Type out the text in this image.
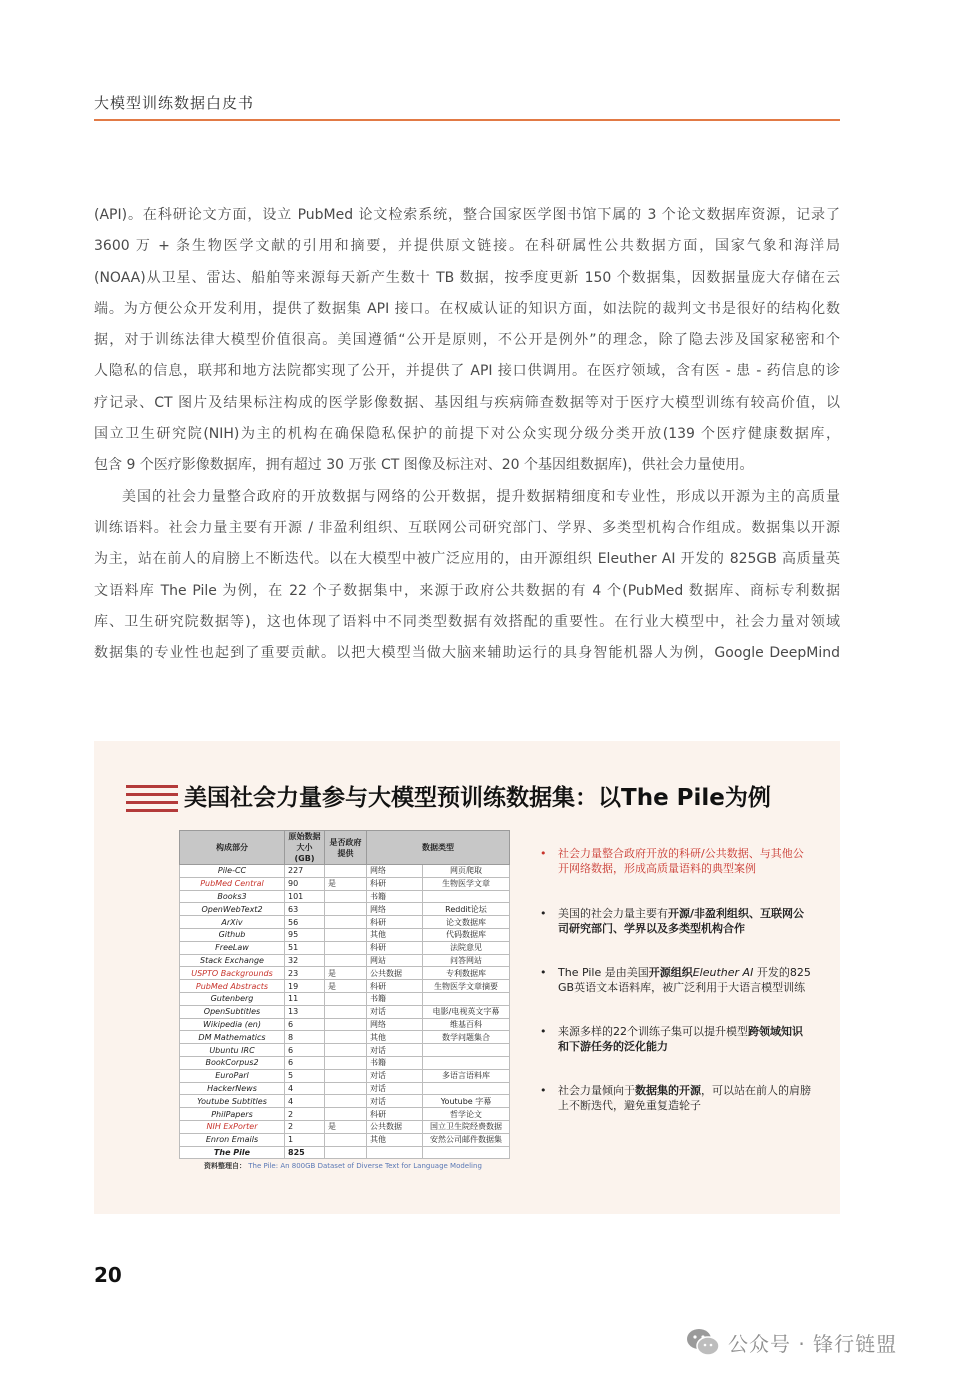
大模型训练数据白皮书
(API)。在科研论文方面，设立 PubMed 论文检索系统，整合国家医学图书馆下属的 3 个论文数据库资源，记录了
3600 万 + 条生物医学文献的引用和摘要，并提供原文链接。在科研属性公共数据方面，国家气象和海洋局
(NOAA)从卫星、雷达、船舶等来源每天新产生数十 TB 数据，按季度更新 150 个数据集，因数据量庞大存储在云
端。为方便公众开发利用，提供了数据集 API 接口。在权威认证的知识方面，如法院的裁判文书是很好的结构化数
据，对于训练法律大模型价值很高。美国遵循“公开是原则，不公开是例外”的理念，除了隐去涉及国家秘密和个
人隐私的信息，联邦和地方法院都实现了公开，并提供了 API 接口供调用。在医疗领域，含有医 - 患 - 药信息的诊
疗记录、CT 图片及结果标注构成的医学影像数据、基因组与疾病筛查数据等对于医疗大模型训练有较高价值，以
国立卫生研究院(NIH)为主的机构在确保隐私保护的前提下对公众实现分级分类开放(139 个医疗健康数据库，
包含 9 个医疗影像数据库，拥有超过 30 万张 CT 图像及标注对、20 个基因组数据库)，供社会力量使用。
美国的社会力量整合政府的开放数据与网络的公开数据，提升数据精细度和专业性，形成以开源为主的高质量
训练语料。社会力量主要有开源 / 非盈利组织、互联网公司研究部门、学界、多类型机构合作组成。数据集以开源
为主，站在前人的肩膀上不断迭代。以在大模型中被广泛应用的，由开源组织 Eleuther AI 开发的 825GB 高质量英
文语料库 The Pile 为例，在 22 个子数据集中，来源于政府公共数据的有 4 个(PubMed 数据库、商标专利数据
库、卫生研究院数据等)，这也体现了语料中不同类型数据有效搭配的重要性。在行业大模型中，社会力量对领域
数据集的专业性也起到了重要贡献。以把大模型当做大脑来辅助运行的具身智能机器人为例，Google DeepMind
美国社会力量参与大模型预训练数据集：以The Pile为例
构成部分	原始数据大小 (GB)	是否政府提供	数据类型	
Pile-CC	227		网络	网页爬取
PubMed Central	90	是	科研	生物医学文章
Books3	101		书籍	
OpenWebText2	63		网络	Reddit论坛
ArXiv	56		科研	论文数据库
Github	95		其他	代码数据库
FreeLaw	51		科研	法院意见
Stack Exchange	32		网站	问答网站
USPTO Backgrounds	23	是	公共数据	专利数据库
PubMed Abstracts	19	是	科研	生物医学文章摘要
Gutenberg	11		书籍	
OpenSubtitles	13		对话	电影/电视英文字幕
Wikipedia (en)	6		网络	维基百科
DM Mathematics	8		其他	数学问题集合
Ubuntu IRC	6		对话	
BookCorpus2	6		书籍	
EuroParl	5		对话	多语言语料库
HackerNews	4		对话	
Youtube Subtitles	4		对话	Youtube 字幕
PhilPapers	2		科研	哲学论文
NIH ExPorter	2	是	公共数据	国立卫生院经费数据
Enron Emails	1		其他	安然公司邮件数据集
The Pile	825			
资料整理自： The Pile: An 800GB Dataset of Diverse Text for Language Modeling
• 社会力量整合政府开放的科研/公共数据、与其他公开网络数据，形成高质量语料的典型案例
• 美国的社会力量主要有开源/非盈利组织、互联网公司研究部门、学界以及多类型机构合作
• The Pile 是由美国开源组织Eleuther AI 开发的825 GB英语文本语料库，被广泛利用于大语言模型训练
• 来源多样的22个训练子集可以提升模型跨领域知识和下游任务的泛化能力
• 社会力量倾向于数据集的开源，可以站在前人的肩膀上不断迭代，避免重复造轮子
20
公众号 · 锋行链盟
